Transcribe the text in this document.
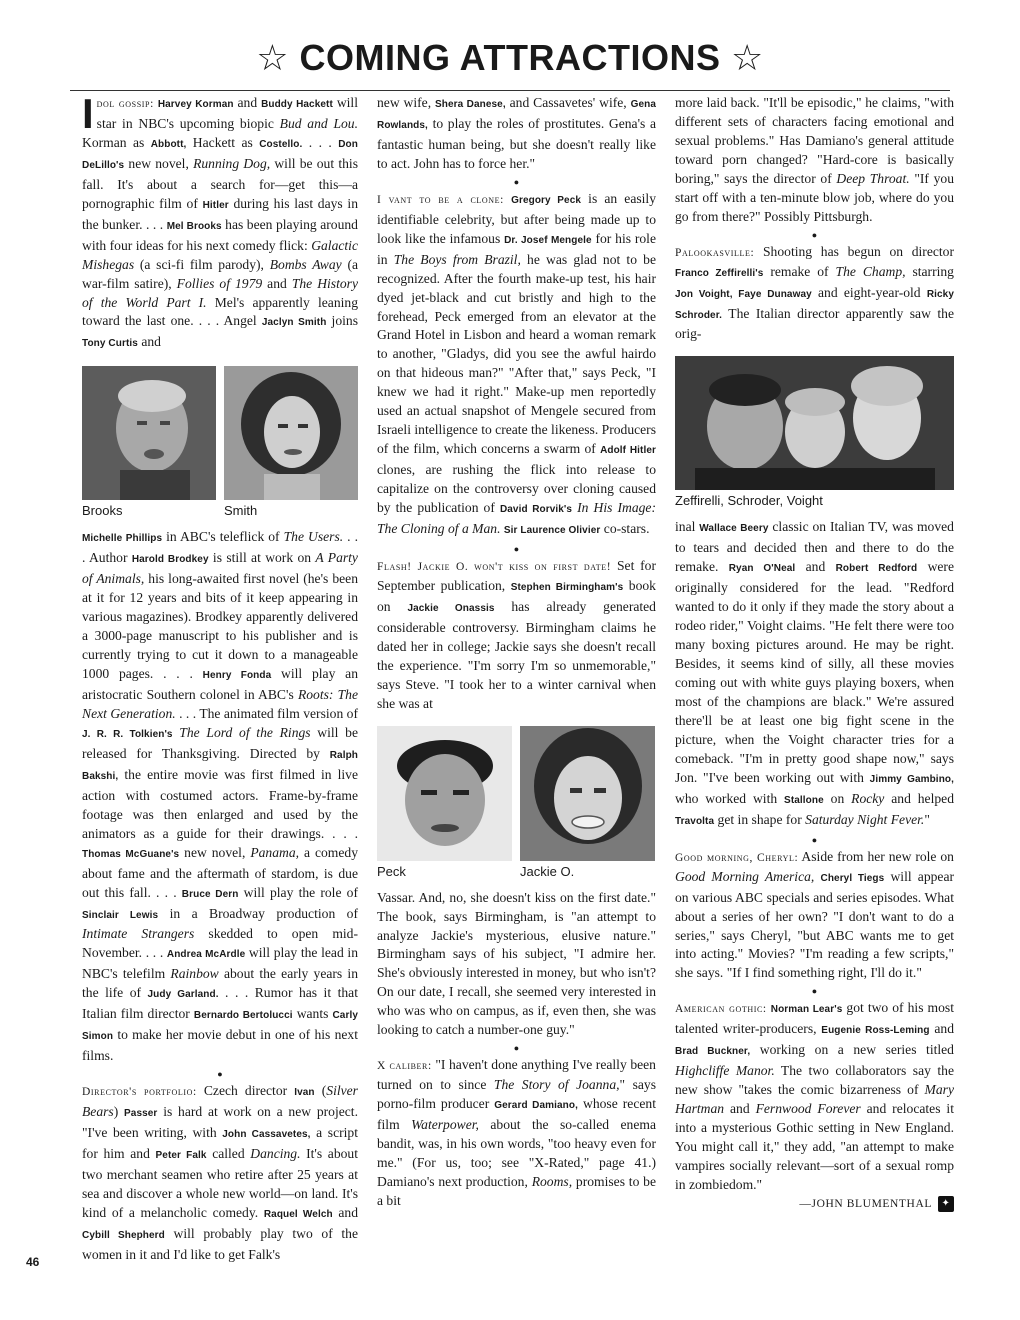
☆ COMING ATTRACTIONS ☆

Idol gossip: Harvey Korman and Buddy Hackett will star in NBC's upcoming biopic Bud and Lou. Korman as Abbott, Hackett as Costello. . . . Don DeLillo's new novel, Running Dog, will be out this fall. It's about a search for—get this—a pornographic film of Hitler during his last days in the bunker. . . . Mel Brooks has been playing around with four ideas for his next comedy flick: Galactic Mishegas (a sci-fi film parody), Bombs Away (a war-film satire), Follies of 1979 and The History of the World Part I. Mel's apparently leaning toward the last one. . . . Angel Jaclyn Smith joins Tony Curtis and

Brooks	Smith

Michelle Phillips in ABC's teleflick of The Users. . . . Author Harold Brodkey is still at work on A Party of Animals, his long-awaited first novel (he's been at it for 12 years and bits of it keep appearing in various magazines). Brodkey apparently delivered a 3000-page manuscript to his publisher and is currently trying to cut it down to a manageable 1000 pages. . . . Henry Fonda will play an aristocratic Southern colonel in ABC's Roots: The Next Generation. . . . The animated film version of J. R. R. Tolkien's The Lord of the Rings will be released for Thanksgiving. Directed by Ralph Bakshi, the entire movie was first filmed in live action with costumed actors. Frame-by-frame footage was then enlarged and used by the animators as a guide for their drawings. . . . Thomas McGuane's new novel, Panama, a comedy about fame and the aftermath of stardom, is due out this fall. . . . Bruce Dern will play the role of Sinclair Lewis in a Broadway production of Intimate Strangers skedded to open mid-November. . . . Andrea McArdle will play the lead in NBC's telefilm Rainbow about the early years in the life of Judy Garland. . . . Rumor has it that Italian film director Bernardo Bertolucci wants Carly Simon to make her movie debut in one of his next films.

●

Director's portfolio: Czech director Ivan (Silver Bears) Passer is hard at work on a new project. "I've been writing, with John Cassavetes, a script for him and Peter Falk called Dancing. It's about two merchant seamen who retire after 25 years at sea and discover a whole new world—on land. It's kind of a melancholic comedy. Raquel Welch and Cybill Shepherd will probably play two of the women in it and I'd like to get Falk's

new wife, Shera Danese, and Cassavetes' wife, Gena Rowlands, to play the roles of prostitutes. Gena's a fantastic human being, but she doesn't really like to act. John has to force her."

●

I vant to be a clone: Gregory Peck is an easily identifiable celebrity, but after being made up to look like the infamous Dr. Josef Mengele for his role in The Boys from Brazil, he was glad not to be recognized. After the fourth make-up test, his hair dyed jet-black and cut bristly and high to the forehead, Peck emerged from an elevator at the Grand Hotel in Lisbon and heard a woman remark to another, "Gladys, did you see the awful hairdo on that hideous man?" "After that," says Peck, "I knew we had it right." Make-up men reportedly used an actual snapshot of Mengele secured from Israeli intelligence to create the likeness. Producers of the film, which concerns a swarm of Adolf Hitler clones, are rushing the flick into release to capitalize on the controversy over cloning caused by the publication of David Rorvik's In His Image: The Cloning of a Man. Sir Laurence Olivier co-stars.

●

Flash! Jackie O. won't kiss on first date! Set for September publication, Stephen Birmingham's book on Jackie Onassis has already generated considerable controversy. Birmingham claims he dated her in college; Jackie says she doesn't recall the experience. "I'm sorry I'm so unmemorable," says Steve. "I took her to a winter carnival when she was at

Peck	Jackie O.

Vassar. And, no, she doesn't kiss on the first date." The book, says Birmingham, is "an attempt to analyze Jackie's mysterious, elusive nature." Birmingham says of his subject, "I admire her. She's obviously interested in money, but who isn't? On our date, I recall, she seemed very interested in who was who on campus, as if, even then, she was looking to catch a number-one guy."

●

X caliber: "I haven't done anything I've really been turned on to since The Story of Joanna," says porno-film producer Gerard Damiano, whose recent film Waterpower, about the so-called enema bandit, was, in his own words, "too heavy even for me." (For us, too; see "X-Rated," page 41.) Damiano's next production, Rooms, promises to be a bit

more laid back. "It'll be episodic," he claims, "with different sets of characters facing emotional and sexual problems." Has Damiano's general attitude toward porn changed? "Hard-core is basically boring," says the director of Deep Throat. "If you start off with a ten-minute blow job, where do you go from there?" Possibly Pittsburgh.

●

Palookasville: Shooting has begun on director Franco Zeffirelli's remake of The Champ, starring Jon Voight, Faye Dunaway and eight-year-old Ricky Schroder. The Italian director apparently saw the orig-

Zeffirelli, Schroder, Voight

inal Wallace Beery classic on Italian TV, was moved to tears and decided then and there to do the remake. Ryan O'Neal and Robert Redford were originally considered for the lead. "Redford wanted to do it only if they made the story about a rodeo rider," Voight claims. "He felt there were too many boxing pictures around. He may be right. Besides, it seems kind of silly, all these movies coming out with white guys playing boxers, when most of the champions are black." We're assured there'll be at least one big fight scene in the picture, when the Voight character tries for a comeback. "I'm in pretty good shape now," says Jon. "I've been working out with Jimmy Gambino, who worked with Stallone on Rocky and helped Travolta get in shape for Saturday Night Fever."

●

Good morning, Cheryl: Aside from her new role on Good Morning America, Cheryl Tiegs will appear on various ABC specials and series episodes. What about a series of her own? "I don't want to do a series," says Cheryl, "but ABC wants me to get into acting." Movies? "I'm reading a few scripts," she says. "If I find something right, I'll do it."

●

American gothic: Norman Lear's got two of his most talented writer-producers, Eugenie Ross-Leming and Brad Buckner, working on a new series titled Highcliffe Manor. The two collaborators say the new show "takes the comic bizarreness of Mary Hartman and Fernwood Forever and relocates it into a mysterious Gothic setting in New England. You might call it," they add, "an attempt to make vampires socially relevant—sort of a sexual romp in zombiedom."

—JOHN BLUMENTHAL ✦

46
